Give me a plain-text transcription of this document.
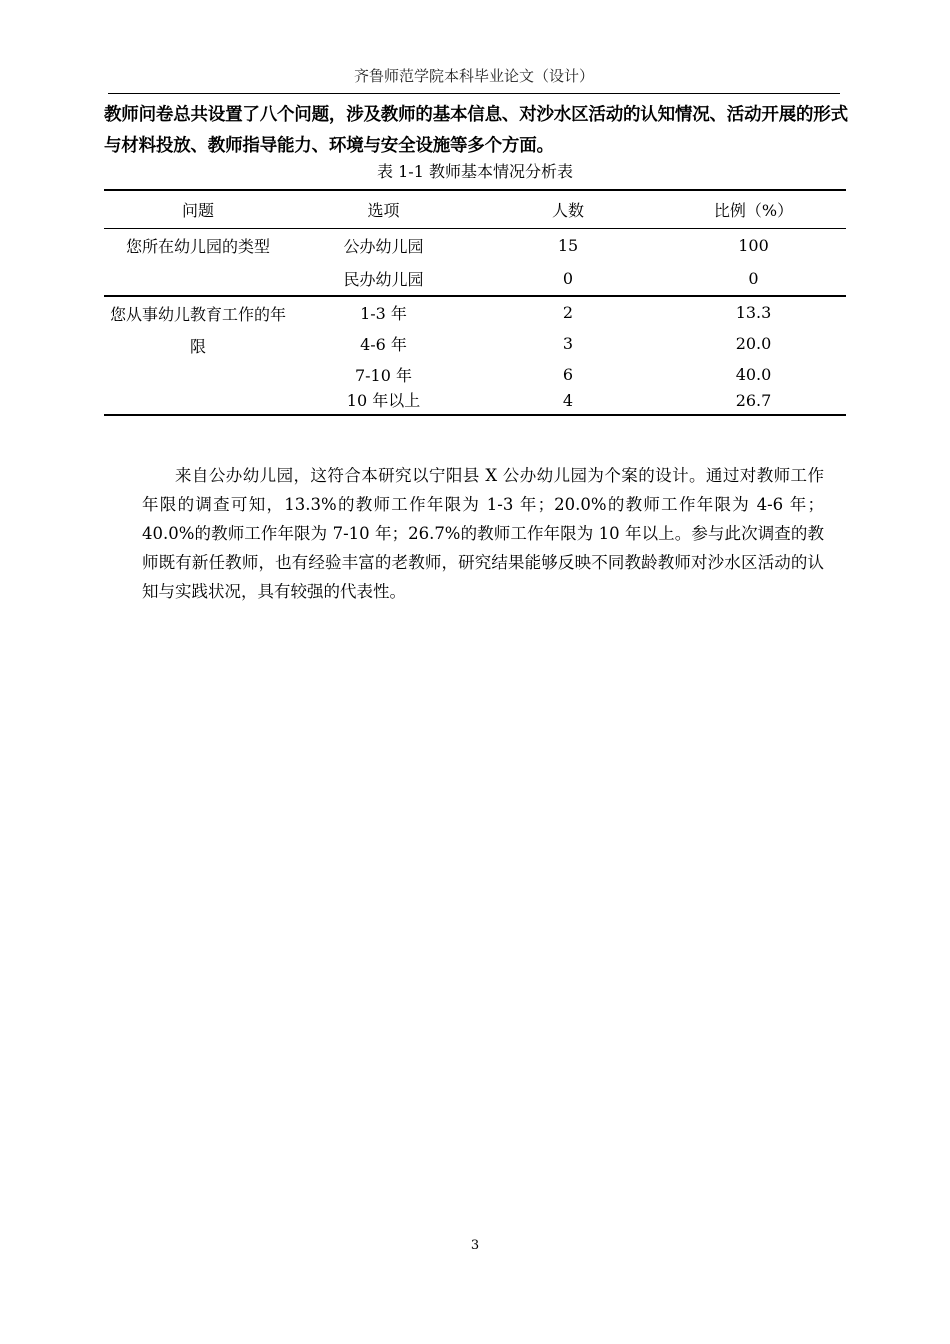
齐鲁师范学院本科毕业论文（设计）
教师问卷总共设置了八个问题，涉及教师的基本信息、对沙水区活动的认知情况、活动开展的形式与材料投放、教师指导能力、环境与安全设施等多个方面。
表 1-1 教师基本情况分析表
问题	选项	人数	比例（%）
您所在幼儿园的类型	公办幼儿园	15	100
	民办幼儿园	0	0
您从事幼儿教育工作的年限	1-3 年	2	13.3
	4-6 年	3	20.0
	7-10 年	6	40.0
	10 年以上	4	26.7

来自公办幼儿园，这符合本研究以宁阳县 X 公办幼儿园为个案的设计。通过对教师工作年限的调查可知，13.3%的教师工作年限为 1-3 年；20.0%的教师工作年限为 4-6 年；40.0%的教师工作年限为 7-10 年；26.7%的教师工作年限为 10 年以上。参与此次调查的教师既有新任教师，也有经验丰富的老教师，研究结果能够反映不同教龄教师对沙水区活动的认知与实践状况，具有较强的代表性。

3
